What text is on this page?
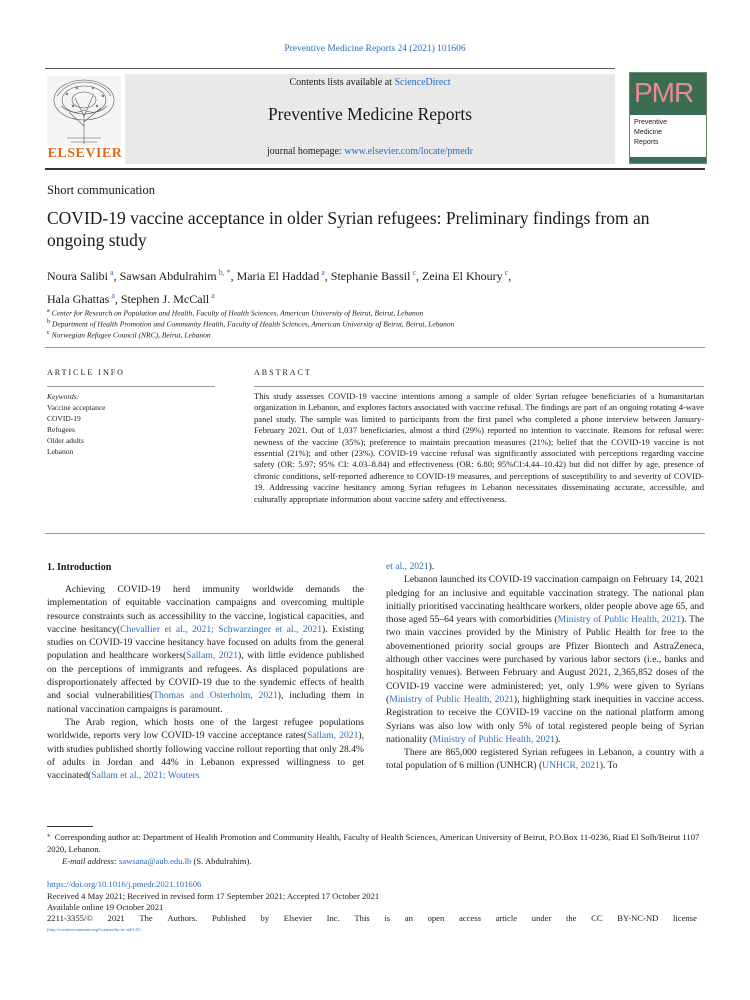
Preventive Medicine Reports 24 (2021) 101606
ELSEVIER
Contents lists available at ScienceDirect
Preventive Medicine Reports
journal homepage: www.elsevier.com/locate/pmedr
PMR
Preventive
Medicine
Reports
Short communication
COVID-19 vaccine acceptance in older Syrian refugees: Preliminary findings from an ongoing study
Noura Salibi $^a$, Sawsan Abdulrahim $^{b, *}$, Maria El Haddad $^a$, Stephanie Bassil $^c$, Zeina El Khoury $^c$,
Hala Ghattas $^a$, Stephen J. McCall $^a$
$^a$ Center for Research on Population and Health, Faculty of Health Sciences, American University of Beirut, Beirut, Lebanon
$^b$ Department of Health Promotion and Community Health, Faculty of Health Sciences, American University of Beirut, Beirut, Lebanon
$^c$ Norwegian Refugee Council (NRC), Beirut, Lebanon
ARTICLE INFO	ABSTRACT
Keywords:
Vaccine acceptance
COVID-19
Refugees
Older adults
Lebanon
This study assesses COVID-19 vaccine intentions among a sample of older Syrian refugee beneficiaries of a humanitarian organization in Lebanon, and explores factors associated with vaccine refusal. The findings are part of an ongoing rotating 4-wave panel study. The sample was limited to participants from the first panel who completed a phone interview between January-February 2021. Out of 1,037 beneficiaries, almost a third (29%) reported no intention to vaccinate. Reasons for refusal were: newness of the vaccine (35%); preference to maintain precaution measures (21%); belief that the COVID-19 vaccine is not essential (21%); and other (23%). COVID-19 vaccine refusal was significantly associated with perceptions regarding vaccine safety (OR: 5.97; 95% CI: 4.03–8.84) and effectiveness (OR: 6.80; 95%CI:4.44–10.42) but did not differ by age, presence of chronic conditions, self-reported adherence to COVID-19 measures, and perceptions of susceptibility to and severity of COVID-19. Addressing vaccine hesitancy among Syrian refugees in Lebanon necessitates disseminating accurate, accessible, and culturally appropriate information about vaccine safety and effectiveness.
1. Introduction

Achieving COVID-19 herd immunity worldwide demands the implementation of equitable vaccination campaigns and overcoming multiple resource constraints such as accessibility to the vaccine, logistical capacities, and vaccine hesitancy(Chevallier et al., 2021; Schwarzinger et al., 2021). Existing studies on COVID-19 vaccine hesitancy have focused on adults from the general population and healthcare workers(Sallam, 2021), with little evidence published on the perceptions of immigrants and refugees. As displaced populations are disproportionately affected by COVID-19 due to the syndemic effects of health and social vulnerabilities(Thomas and Osterholm, 2021), including them in national vaccination campaigns is paramount.

The Arab region, which hosts one of the largest refugee populations worldwide, reports very low COVID-19 vaccine acceptance rates(Sallam, 2021), with studies published shortly following vaccine rollout reporting that only 28.4% of adults in Jordan and 44% in Lebanon expressed willingness to get vaccinated(Sallam et al., 2021; Wouters

et al., 2021).

Lebanon launched its COVID-19 vaccination campaign on February 14, 2021 pledging for an inclusive and equitable vaccination strategy. The national plan initially prioritised vaccinating healthcare workers, older people above age 65, and those aged 55–64 years with comorbidities (Ministry of Public Health, 2021). The two main vaccines provided by the Ministry of Public Health for free to the abovementioned priority social groups are Pfizer Biontech and AstraZeneca, although other vaccines were purchased by various labor sectors (i.e., banks and hospitality venues). Between February and August 2021, 2,365,852 doses of the COVID-19 vaccine were administered; yet, only 1.9% were given to Syrians (Ministry of Public Health, 2021), highlighting stark inequities in vaccine access. Registration to receive the COVID-19 vaccine on the national platform among Syrians was also low with only 5% of total registered people being of Syrian nationality (Ministry of Public Health, 2021).

There are 865,000 registered Syrian refugees in Lebanon, a country with a total population of 6 million (UNHCR) (UNHCR, 2021). To

* Corresponding author at: Department of Health Promotion and Community Health, Faculty of Health Sciences, American University of Beirut, P.O.Box 11-0236, Riad El Solh/Beirut 1107 2020, Lebanon.
E-mail address: sawsana@aub.edu.lb (S. Abdulrahim).
https://doi.org/10.1016/j.pmedr.2021.101606
Received 4 May 2021; Received in revised form 17 September 2021; Accepted 17 October 2021
Available online 19 October 2021
2211-3355/© 2021 The Authors. Published by Elsevier Inc. This is an open access article under the CC BY-NC-ND license
(http://creativecommons.org/licenses/by-nc-nd/4.0/).
